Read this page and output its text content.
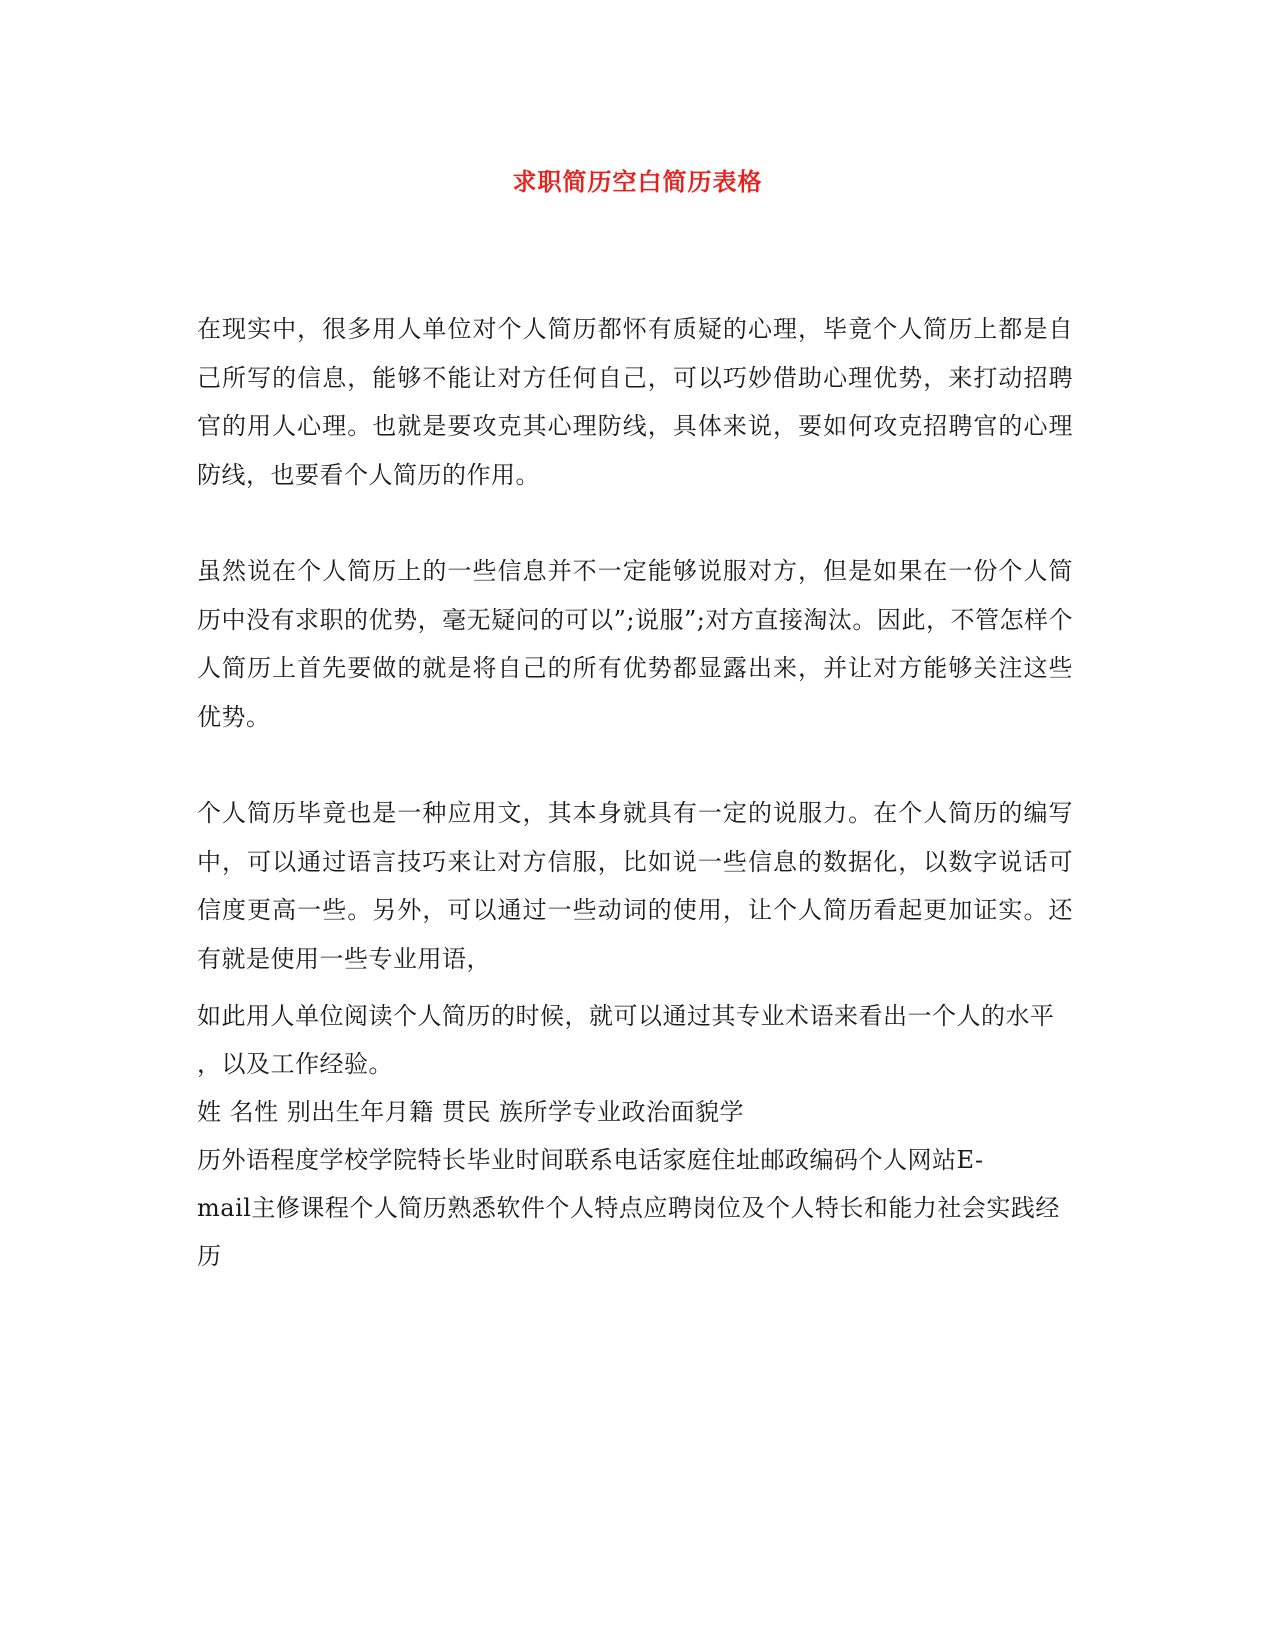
求职简历空白简历表格

在现实中，很多用人单位对个人简历都怀有质疑的心理，毕竟个人简历上都是自己所写的信息，能够不能让对方任何自己，可以巧妙借助心理优势，来打动招聘官的用人心理。也就是要攻克其心理防线，具体来说，要如何攻克招聘官的心理防线，也要看个人简历的作用。

虽然说在个人简历上的一些信息并不一定能够说服对方，但是如果在一份个人简历中没有求职的优势，毫无疑问的可以”;说服”;对方直接淘汰。因此，不管怎样个人简历上首先要做的就是将自己的所有优势都显露出来，并让对方能够关注这些优势。

个人简历毕竟也是一种应用文，其本身就具有一定的说服力。在个人简历的编写中，可以通过语言技巧来让对方信服，比如说一些信息的数据化，以数字说话可信度更高一些。另外，可以通过一些动词的使用，让个人简历看起更加证实。还有就是使用一些专业用语，

如此用人单位阅读个人简历的时候，就可以通过其专业术语来看出一个人的水平

，以及工作经验。

姓 名性 别出生年月籍 贯民 族所学专业政治面貌学

历外语程度学校学院特长毕业时间联系电话家庭住址邮政编码个人网站E-

mail主修课程个人简历熟悉软件个人特点应聘岗位及个人特长和能力社会实践经

历
